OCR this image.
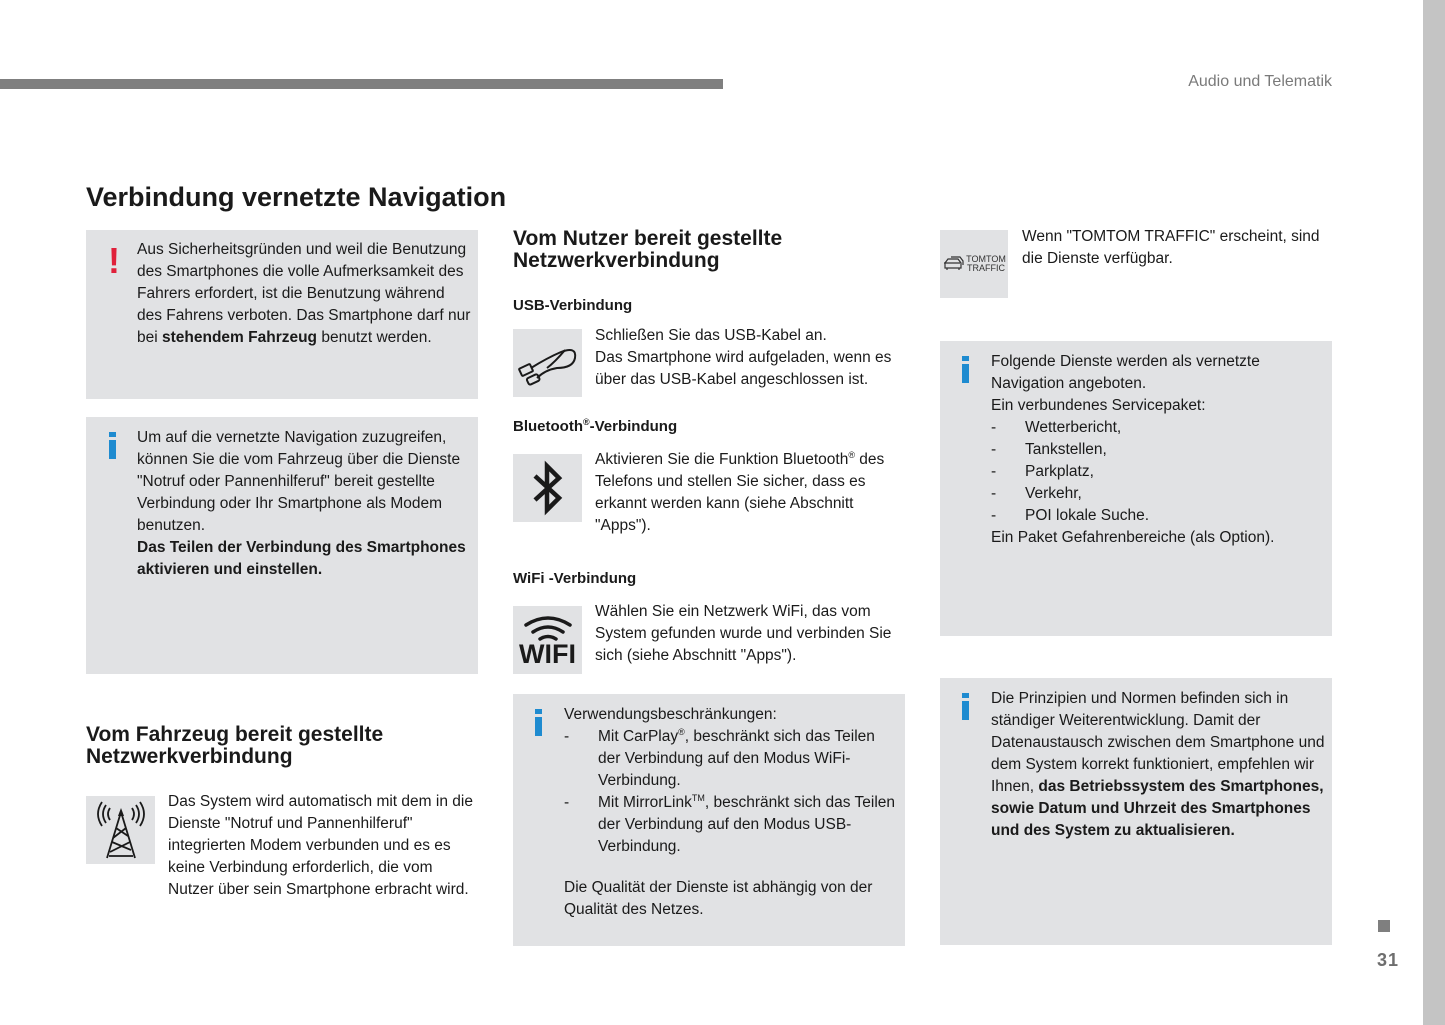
Audio und Telematik
31
Verbindung vernetzte Navigation
! Aus Sicherheitsgründen und weil die Benutzung des Smartphones die volle Aufmerksamkeit des Fahrers erfordert, ist die Benutzung während des Fahrens verboten. Das Smartphone darf nur bei stehendem Fahrzeug benutzt werden.
Um auf die vernetzte Navigation zuzugreifen, können Sie die vom Fahrzeug über die Dienste "Notruf oder Pannenhilferuf" bereit gestellte Verbindung oder Ihr Smartphone als Modem benutzen.
Das Teilen der Verbindung des Smartphones aktivieren und einstellen.
Vom Fahrzeug bereit gestellte
Netzwerkverbindung
Das System wird automatisch mit dem in die Dienste "Notruf und Pannenhilferuf" integrierten Modem verbunden und es es keine Verbindung erforderlich, die vom Nutzer über sein Smartphone erbracht wird.
Vom Nutzer bereit gestellte
Netzwerkverbindung
USB-Verbindung
Schließen Sie das USB-Kabel an.
Das Smartphone wird aufgeladen, wenn es über das USB-Kabel angeschlossen ist.
Bluetooth®-Verbindung
Aktivieren Sie die Funktion Bluetooth® des Telefons und stellen Sie sicher, dass es erkannt werden kann (siehe Abschnitt "Apps").
WiFi -Verbindung
WIFI
Wählen Sie ein Netzwerk WiFi, das vom System gefunden wurde und verbinden Sie sich (siehe Abschnitt "Apps").
Verwendungsbeschränkungen:
-	Mit CarPlay®, beschränkt sich das Teilen der Verbindung auf den Modus WiFi-Verbindung.
-	Mit MirrorLink™, beschränkt sich das Teilen der Verbindung auf den Modus USB-Verbindung.
Die Qualität der Dienste ist abhängig von der Qualität des Netzes.
TOMTOM
TRAFFIC
Wenn "TOMTOM TRAFFIC" erscheint, sind die Dienste verfügbar.
Folgende Dienste werden als vernetzte Navigation angeboten.
Ein verbundenes Servicepaket:
-	Wetterbericht,
-	Tankstellen,
-	Parkplatz,
-	Verkehr,
-	POI lokale Suche.
Ein Paket Gefahrenbereiche (als Option).
Die Prinzipien und Normen befinden sich in ständiger Weiterentwicklung. Damit der Datenaustausch zwischen dem Smartphone und dem System korrekt funktioniert, empfehlen wir Ihnen, das Betriebssystem des Smartphones, sowie Datum und Uhrzeit des Smartphones und des System zu aktualisieren.
